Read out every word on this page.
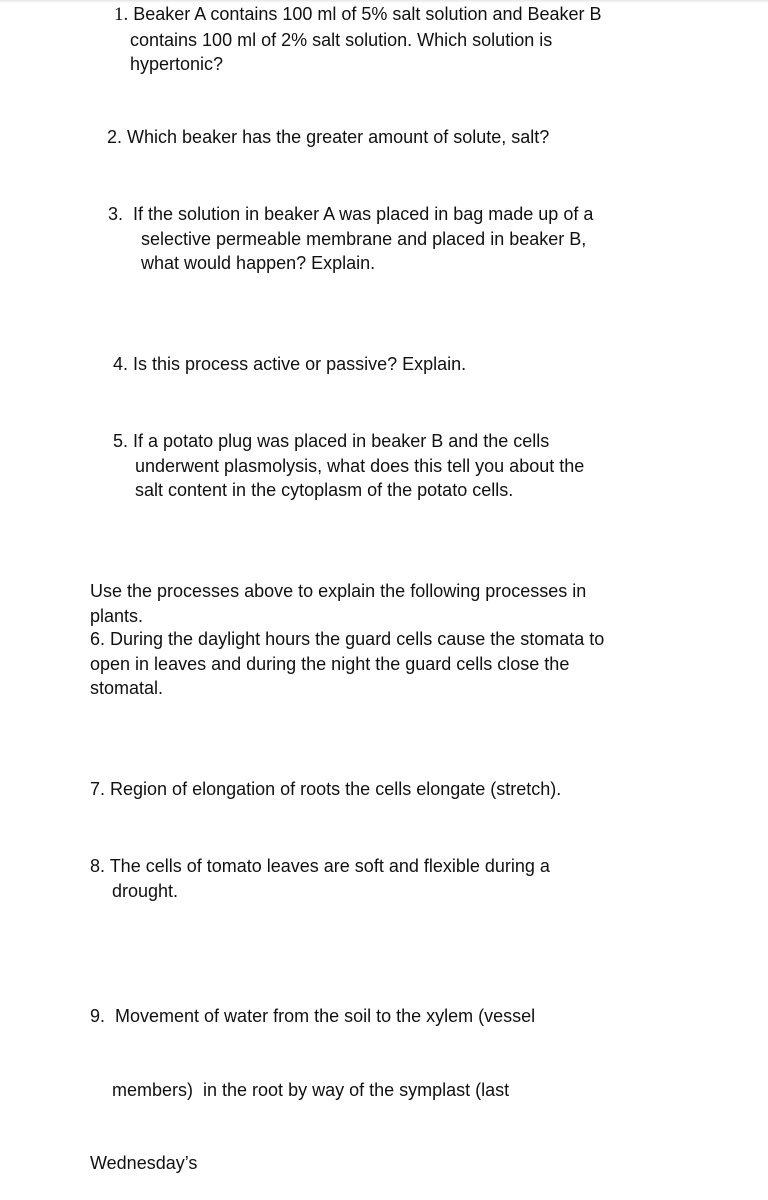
1. Beaker A contains 100 ml of 5% salt solution and Beaker B
contains 100 ml of 2% salt solution. Which solution is
hypertonic?
2. Which beaker has the greater amount of solute, salt?
3. If the solution in beaker A was placed in bag made up of a
selective permeable membrane and placed in beaker B,
what would happen? Explain.
4. Is this process active or passive? Explain.
5. If a potato plug was placed in beaker B and the cells
underwent plasmolysis, what does this tell you about the
salt content in the cytoplasm of the potato cells.
Use the processes above to explain the following processes in
plants.
6. During the daylight hours the guard cells cause the stomata to
open in leaves and during the night the guard cells close the
stomatal.
7. Region of elongation of roots the cells elongate (stretch).
8. The cells of tomato leaves are soft and flexible during a
drought.

9.  Movement of water from the soil to the xylem (vessel

members)  in the root by way of the symplast (last

Wednesday’s
